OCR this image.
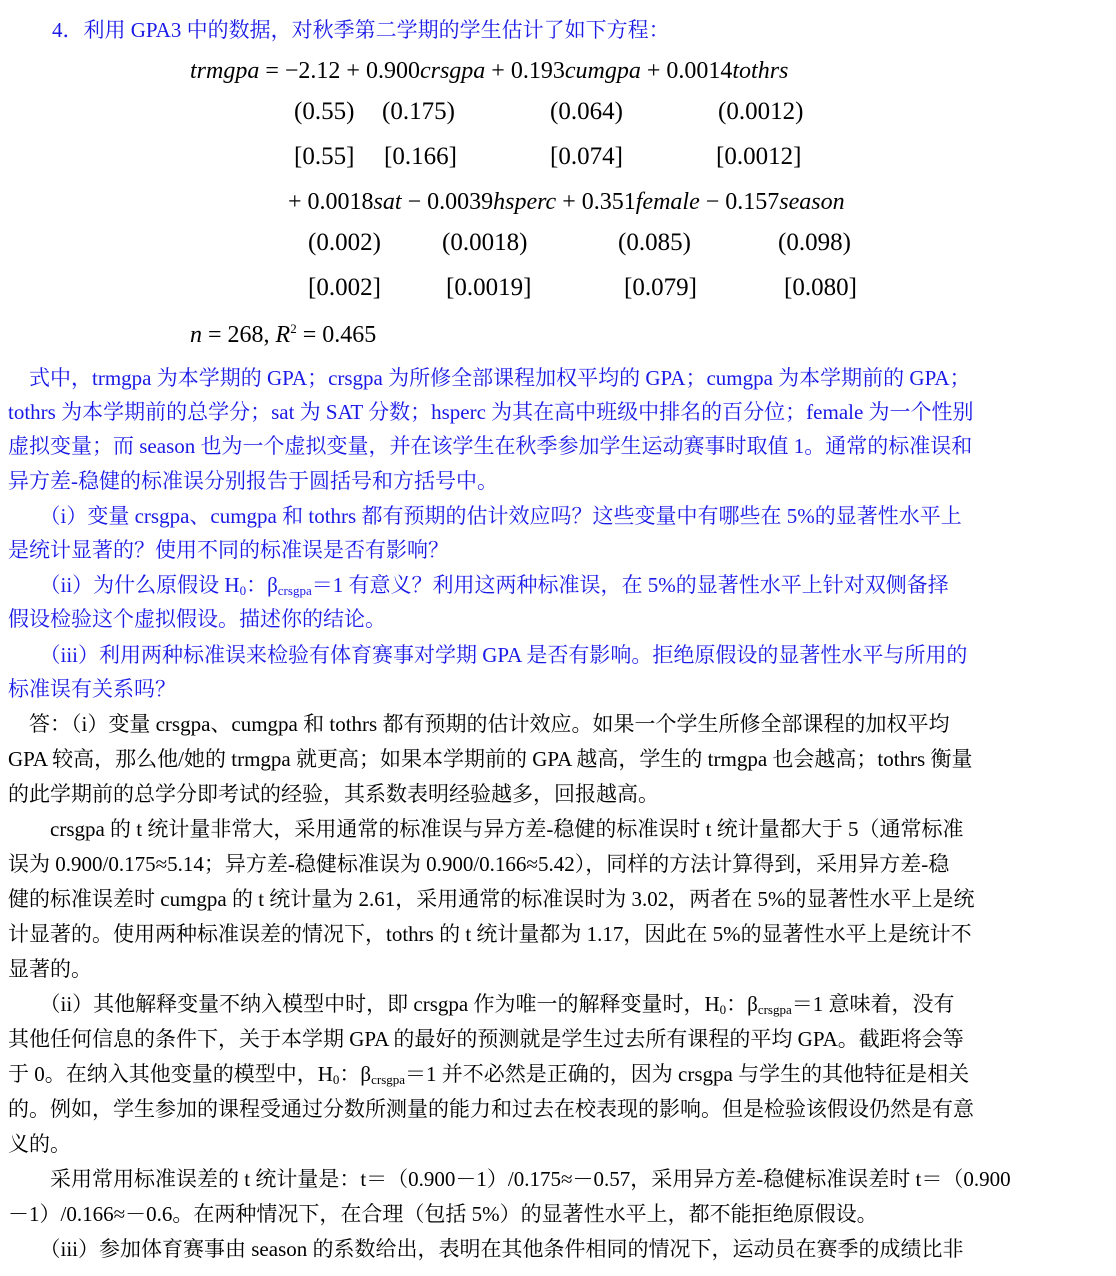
4．利用 GPA3 中的数据，对秋季第二学期的学生估计了如下方程：
trmgpa = −2.12 + 0.900crsgpa + 0.193cumgpa + 0.0014tothrs
(0.55) (0.175)	(0.064)	(0.0012)
[0.55] [0.166]	[0.074]	[0.0012]
+ 0.0018sat − 0.0039hsperc + 0.351female − 0.157season
(0.002) (0.0018)	(0.085)	(0.098)
[0.002]	[0.0019]	[0.079]	[0.080]
n = 268, $R^2 = 0.465$
　式中，trmgpa 为本学期的 GPA；crsgpa 为所修全部课程加权平均的 GPA；cumgpa 为本学期前的 GPA；
tothrs 为本学期前的总学分；sat 为 SAT 分数；hsperc 为其在高中班级中排名的百分位；female 为一个性别
虚拟变量；而 season 也为一个虚拟变量，并在该学生在秋季参加学生运动赛事时取值 1。通常的标准误和
异方差-稳健的标准误分别报告于圆括号和方括号中。
　　（i）变量 crsgpa、cumgpa 和 tothrs 都有预期的估计效应吗？这些变量中有哪些在 5%的显著性水平上
是统计显著的？使用不同的标准误是否有影响？
　　（ii）为什么原假设 $H_0$：$\beta_{crsgpa}=1$ 有意义？利用这两种标准误，在 5%的显著性水平上针对双侧备择
假设检验这个虚拟假设。描述你的结论。
　　（iii）利用两种标准误来检验有体育赛事对学期 GPA 是否有影响。拒绝原假设的显著性水平与所用的
标准误有关系吗？
　答：（i）变量 crsgpa、cumgpa 和 tothrs 都有预期的估计效应。如果一个学生所修全部课程的加权平均
GPA 较高，那么他/她的 trmgpa 就更高；如果本学期前的 GPA 越高，学生的 trmgpa 也会越高；tothrs 衡量
的此学期前的总学分即考试的经验，其系数表明经验越多，回报越高。
　　crsgpa 的 t 统计量非常大，采用通常的标准误与异方差-稳健的标准误时 t 统计量都大于 5（通常标准
误为 0.900/0.175≈5.14；异方差-稳健标准误为 0.900/0.166≈5.42），同样的方法计算得到，采用异方差-稳
健的标准误差时 cumgpa 的 t 统计量为 2.61，采用通常的标准误时为 3.02，两者在 5%的显著性水平上是统
计显著的。使用两种标准误差的情况下，tothrs 的 t 统计量都为 1.17，因此在 5%的显著性水平上是统计不
显著的。
　　（ii）其他解释变量不纳入模型中时，即 crsgpa 作为唯一的解释变量时，$H_0$：$\beta_{crsgpa}=1$ 意味着，没有
其他任何信息的条件下，关于本学期 GPA 的最好的预测就是学生过去所有课程的平均 GPA。截距将会等
于 0。在纳入其他变量的模型中，$H_0$：$\beta_{crsgpa}=1$ 并不必然是正确的，因为 crsgpa 与学生的其他特征是相关
的。例如，学生参加的课程受通过分数所测量的能力和过去在校表现的影响。但是检验该假设仍然是有意
义的。
　　采用常用标准误差的 t 统计量是：t＝（0.900－1）/0.175≈－0.57，采用异方差-稳健标准误差时 t＝（0.900
－1）/0.166≈－0.6。在两种情况下，在合理（包括 5%）的显著性水平上，都不能拒绝原假设。
　　（iii）参加体育赛事由 season 的系数给出，表明在其他条件相同的情况下，运动员在赛季的成绩比非
